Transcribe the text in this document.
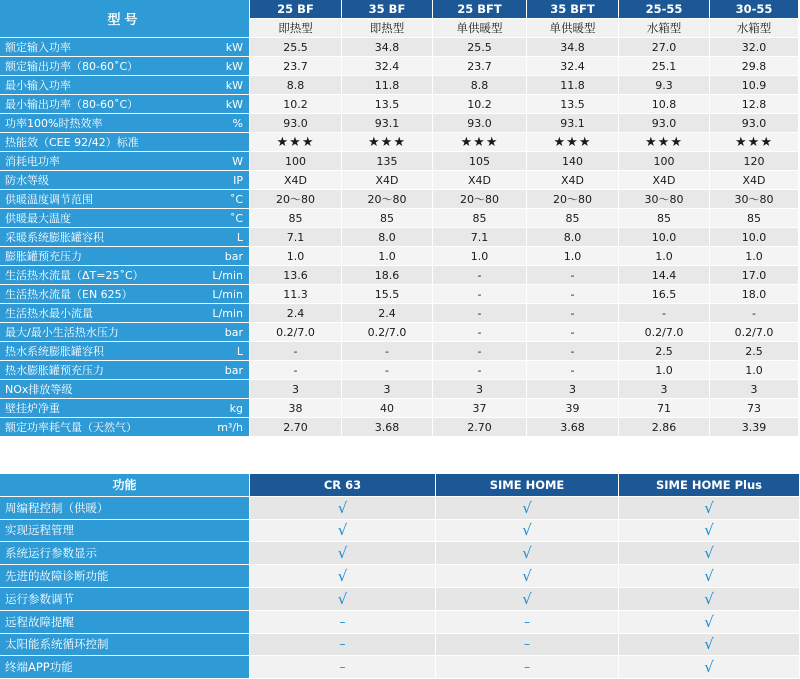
型号
25 BF	35 BF	25 BFT	35 BFT	25-55	30-55
即热型	即热型	单供暖型	单供暖型	水箱型	水箱型
额定输入功率	kW	25.5	34.8	25.5	34.8	27.0	32.0
额定输出功率（80-60˚C）	kW	23.7	32.4	23.7	32.4	25.1	29.8
最小输入功率	kW	8.8	11.8	8.8	11.8	9.3	10.9
最小输出功率（80-60˚C）	kW	10.2	13.5	10.2	13.5	10.8	12.8
功率100%时热效率	%	93.0	93.1	93.0	93.1	93.0	93.0
热能效（CEE 92/42）标准	★★★	★★★	★★★	★★★	★★★	★★★
消耗电功率	W	100	135	105	140	100	120
防水等级	IP	X4D	X4D	X4D	X4D	X4D	X4D
供暖温度调节范围	˚C	20～80	20～80	20～80	20～80	30～80	30～80
供暖最大温度	˚C	85	85	85	85	85	85
采暖系统膨胀罐容积	L	7.1	8.0	7.1	8.0	10.0	10.0
膨胀罐预充压力	bar	1.0	1.0	1.0	1.0	1.0	1.0
生活热水流量（ΔT=25˚C）	L/min	13.6	18.6	-	-	14.4	17.0
生活热水流量（EN 625）	L/min	11.3	15.5	-	-	16.5	18.0
生活热水最小流量	L/min	2.4	2.4	-	-	-	-
最大/最小生活热水压力	bar	0.2/7.0	0.2/7.0	-	-	0.2/7.0	0.2/7.0
热水系统膨胀罐容积	L	-	-	-	-	2.5	2.5
热水膨胀罐预充压力	bar	-	-	-	-	1.0	1.0
NOx排放等级	3	3	3	3	3	3
壁挂炉净重	kg	38	40	37	39	71	73
额定功率耗气量（天然气）	m³/h	2.70	3.68	2.70	3.68	2.86	3.39
功能	CR 63	SIME HOME	SIME HOME Plus
周编程控制（供暖）	√	√	√
实现远程管理	√	√	√
系统运行参数显示	√	√	√
先进的故障诊断功能	√	√	√
运行参数调节	√	√	√
远程故障提醒	–	–	√
太阳能系统循环控制	–	–	√
终端APP功能	–	–	√
